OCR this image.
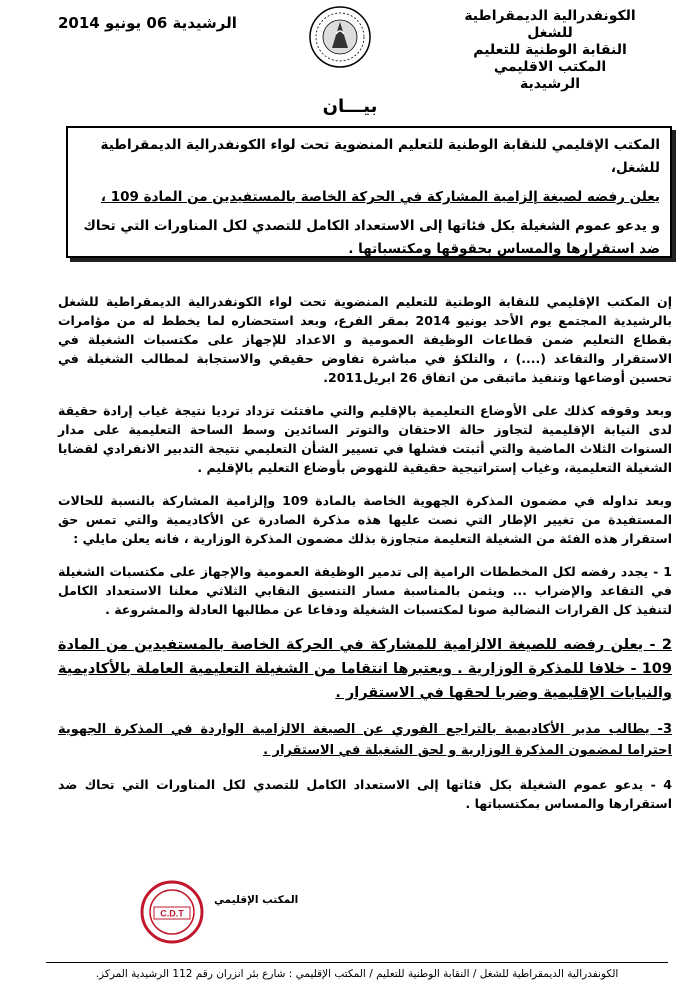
الكونفدرالية الديمقراطية للشغل
النقابة الوطنية للتعليم
المكتب الاقليمي
الرشيدية
الرشيدية 06 يونيو 2014
بيـــان

المكتب الإقليمي للنقابة الوطنية للتعليم المنضوية تحت لواء الكونفدرالية الديمقراطية للشغل،

يعلن رفضه لصيغة إلزامية المشاركة في الحركة الخاصة بالمستفيدين من المادة 109 ،

و يدعو عموم الشغيلة بكل فئاتها إلى الاستعداد الكامل للتصدي لكل المناورات التي تحاك ضد استقرارها والمساس بحقوقها ومكتسباتها .

إن المكتب الإقليمي للنقابة الوطنية للتعليم المنضوية تحت لواء الكونفدرالية الديمقراطية للشغل بالرشيدية المجتمع يوم الأحد يونيو 2014 بمقر الفرع، وبعد استحضاره لما يخطط له من مؤامرات بقطاع التعليم ضمن قطاعات الوظيفة العمومية و الاعداد للإجهاز على مكتسبات الشغيلة في الاستقرار والتقاعد (....) ، والتلكؤ في مباشرة تفاوض حقيقي والاستجابة لمطالب الشغيلة في تحسين أوضاعها وتنفيذ ماتبقى من اتفاق 26 ابريل2011.

وبعد وقوفه كذلك على الأوضاع التعليمية بالإقليم والتي مافتئت تزداد ترديا نتيجة غياب إرادة حقيقة لدى النيابة الإقليمية لتجاوز حالة الاحتقان والتوتر السائدين وسط الساحة التعليمية على مدار السنوات الثلاث الماضية والتي أثبتت فشلها في تسيير الشأن التعليمي نتيجة التدبير الانفرادي لقضايا الشغيلة التعليمية، وغياب إستراتيجية حقيقية للنهوض بأوضاع التعليم بالإقليم .

وبعد تداوله في مضمون المذكرة الجهوية الخاصة بالمادة 109 وإلزامية المشاركة بالنسبة للحالات المستفيدة من تغيير الإطار التي نصت عليها هذه مذكرة الصادرة عن الأكاديمية والتي تمس حق استقرار هذه الفئة من الشغيلة التعليمة متجاوزة بذلك مضمون المذكرة الوزارية ، فانه يعلن مايلي :

1 - يجدد رفضه لكل المخططات الرامية إلى تدمير الوظيفة العمومية والإجهاز على مكتسبات الشغيلة في التقاعد والإضراب ... ويثمن بالمناسبة مسار التنسيق النقابي الثلاثي معلنا الاستعداد الكامل لتنفيذ كل القرارات النضالية صونا لمكتسبات الشغيلة ودفاعا عن مطالبها العادلة والمشروعة .

2 - يعلن رفضه للصيغة الالزامية للمشاركة في الحركة الخاصة بالمستفيدين من المادة 109 - خلافا للمذكرة الوزارية . ويعتبرها انتقاما من الشغيلة التعليمية العاملة بالأكاديمية والنيابات الإقليمية وضربا لحقها في الاستقرار .

3- يطالب مدير الأكاديمية بالتراجع الفوري عن الصيغة الالزامية الواردة في المذكرة الجهوية احتراما لمضمون المذكرة الوزارية و لحق الشغيلة في الاستقرار .

4 - يدعو عموم الشغيلة بكل فئاتها إلى الاستعداد الكامل للتصدي لكل المناورات التي تحاك ضد استقرارها والمساس بمكتسباتها .

C.D.T
المكتب الإقليمي
الكونفدرالية الديمقراطية للشغل / النقابة الوطنية للتعليم / المكتب الإقليمي : شارع بئر انزران رقم 112 الرشيدية المركز.
